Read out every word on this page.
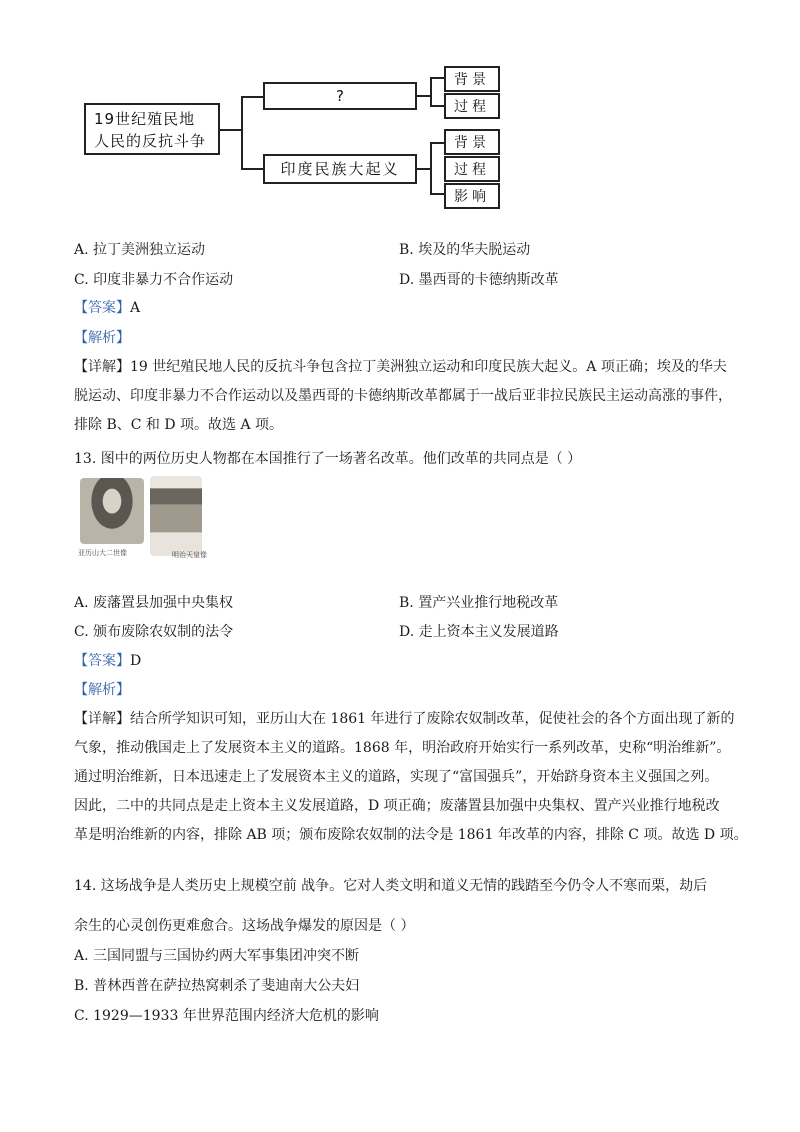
19世纪殖民地
人民的反抗斗争
?
印度民族大起义
背景
过程
背景
过程
影响
A. 拉丁美洲独立运动	B. 埃及的华夫脱运动
C. 印度非暴力不合作运动	D. 墨西哥的卡德纳斯改革
【答案】A
【解析】
【详解】19 世纪殖民地人民的反抗斗争包含拉丁美洲独立运动和印度民族大起义。A 项正确；埃及的华夫
脱运动、印度非暴力不合作运动以及墨西哥的卡德纳斯改革都属于一战后亚非拉民族民主运动高涨的事件，
排除 B、C 和 D 项。故选 A 项。
13. 图中的两位历史人物都在本国推行了一场著名改革。他们改革的共同点是（ ）
亚历山大二世像	明治天皇像
A. 废藩置县加强中央集权	B. 置产兴业推行地税改革
C. 颁布废除农奴制的法令	D. 走上资本主义发展道路
【答案】D
【解析】
【详解】结合所学知识可知，亚历山大在 1861 年进行了废除农奴制改革，促使社会的各个方面出现了新的
气象，推动俄国走上了发展资本主义的道路。1868 年，明治政府开始实行一系列改革，史称“明治维新”。
通过明治维新，日本迅速走上了发展资本主义的道路，实现了“富国强兵”，开始跻身资本主义强国之列。
因此，二中的共同点是走上资本主义发展道路，D 项正确；废藩置县加强中央集权、置产兴业推行地税改
革是明治维新的内容，排除 AB 项；颁布废除农奴制的法令是 1861 年改革的内容，排除 C 项。故选 D 项。
14. 这场战争是人类历史上规模空前 战争。它对人类文明和道义无情的践踏至今仍令人不寒而栗，劫后
余生的心灵创伤更难愈合。这场战争爆发的原因是（ ）
A. 三国同盟与三国协约两大军事集团冲突不断
B. 普林西普在萨拉热窝刺杀了斐迪南大公夫妇
C. 1929—1933 年世界范围内经济大危机的影响
